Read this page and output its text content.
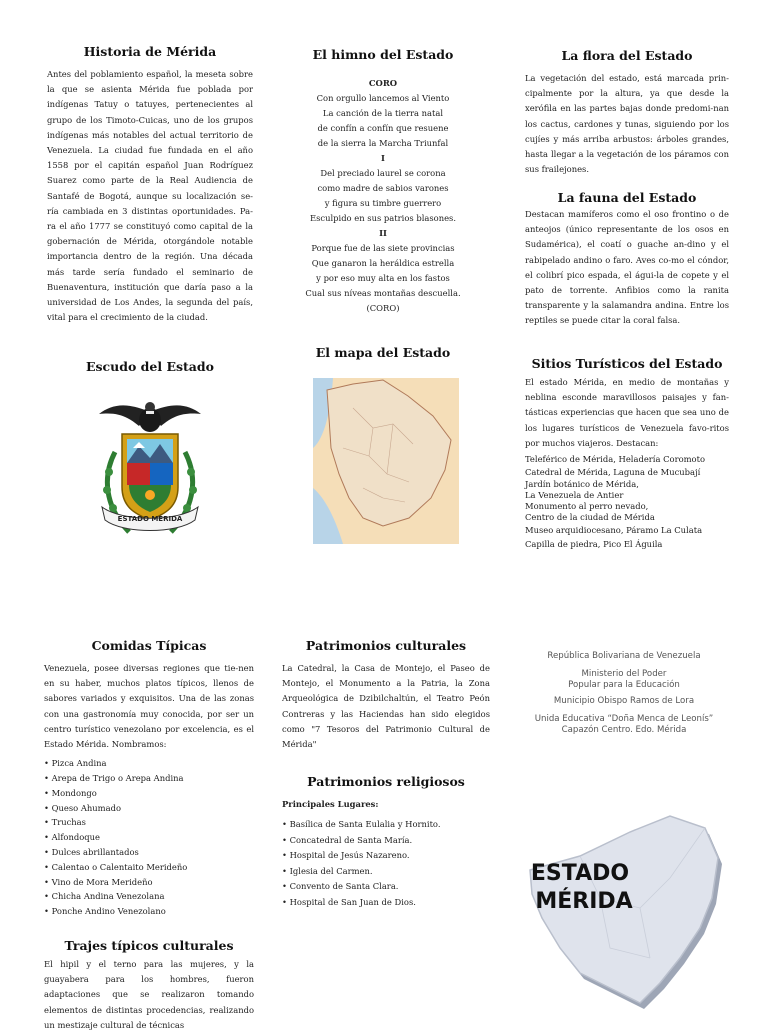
Historia de Mérida

Antes del poblamiento español, la meseta sobre la que se asienta Mérida fue poblada por indígenas Tatuy o tatuyes, pertenecientes al grupo de los Timoto-Cuicas, uno de los grupos indígenas más notables del actual territorio de Venezuela. La ciudad fue fundada en el año 1558 por el capitán español Juan Rodríguez Suarez como parte de la Real Audiencia de Santafé de Bogotá, aunque su localización se-ría cambiada en 3 distintas oportunidades. Pa-ra el año 1777 se constituyó como capital de la gobernación de Mérida, otorgándole notable importancia dentro de la región. Una década más tarde sería fundado el seminario de Buenaventura, institución que daría paso a la universidad de Los Andes, la segunda del país, vital para el crecimiento de la ciudad.

Escudo del Estado
ESTADO MÉRIDA
El himno del Estado
CORO
Con orgullo lancemos al Viento
La canción de la tierra natal
de confín a confín que resuene
de la sierra la Marcha Triunfal
I
Del preciado laurel se corona
como madre de sabios varones
y figura su timbre guerrero
Esculpido en sus patrios blasones.
II
Porque fue de las siete provincias
Que ganaron la heráldica estrella
y por eso muy alta en los fastos
Cual sus níveas montañas descuella.
(CORO)
El mapa del Estado
La flora del Estado

La vegetación del estado, está marcada prin-cipalmente por la altura, ya que desde la xerófila en las partes bajas donde predomi-nan los cactus, cardones y tunas, siguiendo por los cujíes y más arriba arbustos: árboles grandes, hasta llegar a la vegetación de los páramos con sus frailejones.

La fauna del Estado

Destacan mamíferos como el oso frontino o de anteojos (único representante de los osos en Sudamérica), el coatí o guache an-dino y el rabipelado andino o faro. Aves co-mo el cóndor, el colibrí pico espada, el águi-la de copete y el pato de torrente. Anfibios como la ranita transparente y la salamandra andina. Entre los reptiles se puede citar la coral falsa.

Sitios Turísticos del Estado

El estado Mérida, en medio de montañas y neblina esconde maravillosos paisajes y fan-tásticas experiencias que hacen que sea uno de los lugares turísticos de Venezuela favo-ritos por muchos viajeros. Destacan:

Teleférico de Mérida, Heladería Coromoto
Catedral de Mérida, Laguna de Mucubají
Jardín botánico de Mérida,
La Venezuela de Antier
Monumento al perro nevado,
Centro de la ciudad de Mérida
Museo arquidiocesano, Páramo La Culata
Capilla de piedra, Pico El Águila
Comidas Típicas

Venezuela, posee diversas regiones que tie-nen en su haber, muchos platos típicos, llenos de sabores variados y exquisitos. Una de las zonas con una gastronomía muy conocida, por ser un centro turístico venezolano por excelencia, es el Estado Mérida. Nombramos:

• Pizca Andina
• Arepa de Trigo o Arepa Andina
• Mondongo
• Queso Ahumado
• Truchas
• Alfondoque
• Dulces abrillantados
• Calentao o Calentaito Merideño
• Vino de Mora Merideño
• Chicha Andina Venezolana
• Ponche Andino Venezolano
Trajes típicos culturales

El hipil y el terno para las mujeres, y la guayabera para los hombres, fueron adaptaciones que se realizaron tomando elementos de distintas procedencias, realizando un mestizaje cultural de técnicas

Patrimonios culturales

La Catedral, la Casa de Montejo, el Paseo de Montejo, el Monumento a la Patria, la Zona Arqueológica de Dzibilchaltún, el Teatro Peón Contreras y las Haciendas han sido elegidos como "7 Tesoros del Patrimonio Cultural de Mérida"

Patrimonios religiosos
Principales Lugares:
• Basílica de Santa Eulalia y Hornito.
• Concatedral de Santa María.
• Hospital de Jesús Nazareno.
• Iglesia del Carmen.
• Convento de Santa Clara.
• Hospital de San Juan de Dios.
República Bolivariana de Venezuela
Ministerio del Poder
Popular para la Educación
Municipio Obispo Ramos de Lora
Unida Educativa “Doña Menca de Leonís”
Capazón Centro. Edo. Mérida
ESTADO
MÉRIDA
